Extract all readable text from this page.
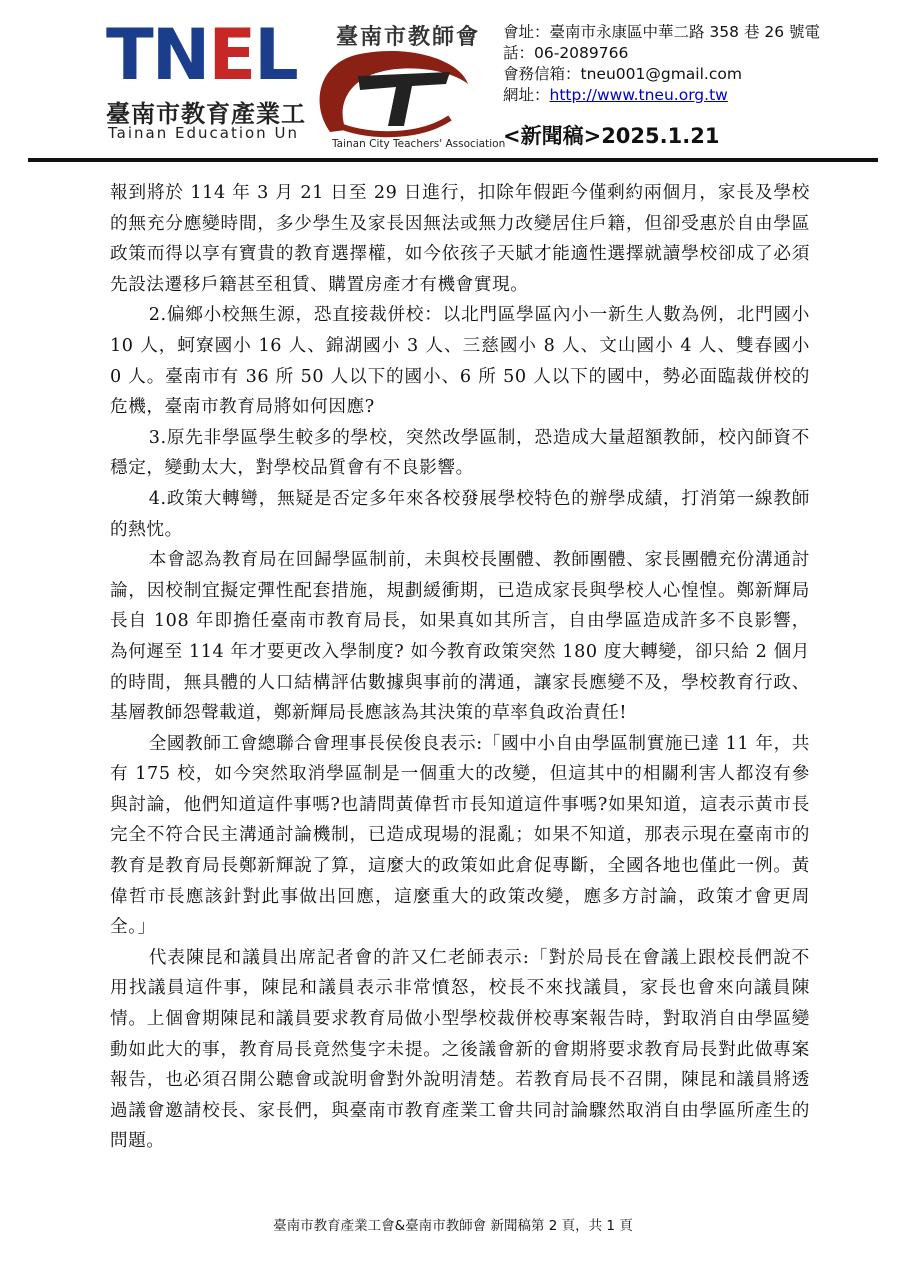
TNEL
臺南市教育產業工
Tainan Education Un
臺南市教師會
Tainan City Teachers' Association
會址：臺南市永康區中華二路 358 巷 26 號電
話：06-2089766
會務信箱：tneu001@gmail.com
網址：http://www.tneu.org.tw
<新聞稿>2025.1.21

報到將於 114 年 3 月 21 日至 29 日進行，扣除年假距今僅剩約兩個月，家長及學校的無充分應變時間，多少學生及家長因無法或無力改變居住戶籍，但卻受惠於自由學區政策而得以享有寶貴的教育選擇權，如今依孩子天賦才能適性選擇就讀學校卻成了必須先設法遷移戶籍甚至租賃、購置房產才有機會實現。

2.偏鄉小校無生源，恐直接裁併校：以北門區學區內小一新生人數為例，北門國小 10 人，蚵寮國小 16 人、錦湖國小 3 人、三慈國小 8 人、文山國小 4 人、雙春國小 0 人。臺南市有 36 所 50 人以下的國小、6 所 50 人以下的國中，勢必面臨裁併校的危機，臺南市教育局將如何因應?

3.原先非學區學生較多的學校，突然改學區制，恐造成大量超額教師，校內師資不穩定，變動太大，對學校品質會有不良影響。

4.政策大轉彎，無疑是否定多年來各校發展學校特色的辦學成績，打消第一線教師的熱忱。

本會認為教育局在回歸學區制前，未與校長團體、教師團體、家長團體充份溝通討論，因校制宜擬定彈性配套措施，規劃緩衝期，已造成家長與學校人心惶惶。鄭新輝局長自 108 年即擔任臺南市教育局長，如果真如其所言，自由學區造成許多不良影響，為何遲至 114 年才要更改入學制度? 如今教育政策突然 180 度大轉變，卻只給 2 個月的時間，無具體的人口結構評估數據與事前的溝通，讓家長應變不及，學校教育行政、基層教師怨聲載道，鄭新輝局長應該為其決策的草率負政治責任!

全國教師工會總聯合會理事長侯俊良表示:「國中小自由學區制實施已達 11 年，共有 175 校，如今突然取消學區制是一個重大的改變，但這其中的相關利害人都沒有參與討論，他們知道這件事嗎?也請問黃偉哲市長知道這件事嗎?如果知道，這表示黃市長完全不符合民主溝通討論機制，已造成現場的混亂；如果不知道，那表示現在臺南市的教育是教育局長鄭新輝說了算，這麼大的政策如此倉促專斷，全國各地也僅此一例。黃偉哲市長應該針對此事做出回應，這麼重大的政策改變，應多方討論，政策才會更周全。」

代表陳昆和議員出席記者會的許又仁老師表示:「對於局長在會議上跟校長們說不用找議員這件事，陳昆和議員表示非常憤怒，校長不來找議員，家長也會來向議員陳情。上個會期陳昆和議員要求教育局做小型學校裁併校專案報告時，對取消自由學區變動如此大的事，教育局長竟然隻字未提。之後議會新的會期將要求教育局長對此做專案報告，也必須召開公聽會或說明會對外說明清楚。若教育局長不召開，陳昆和議員將透過議會邀請校長、家長們，與臺南市教育產業工會共同討論驟然取消自由學區所產生的問題。

臺南市教育產業工會&臺南市教師會 新聞稿第 2 頁，共 1 頁
